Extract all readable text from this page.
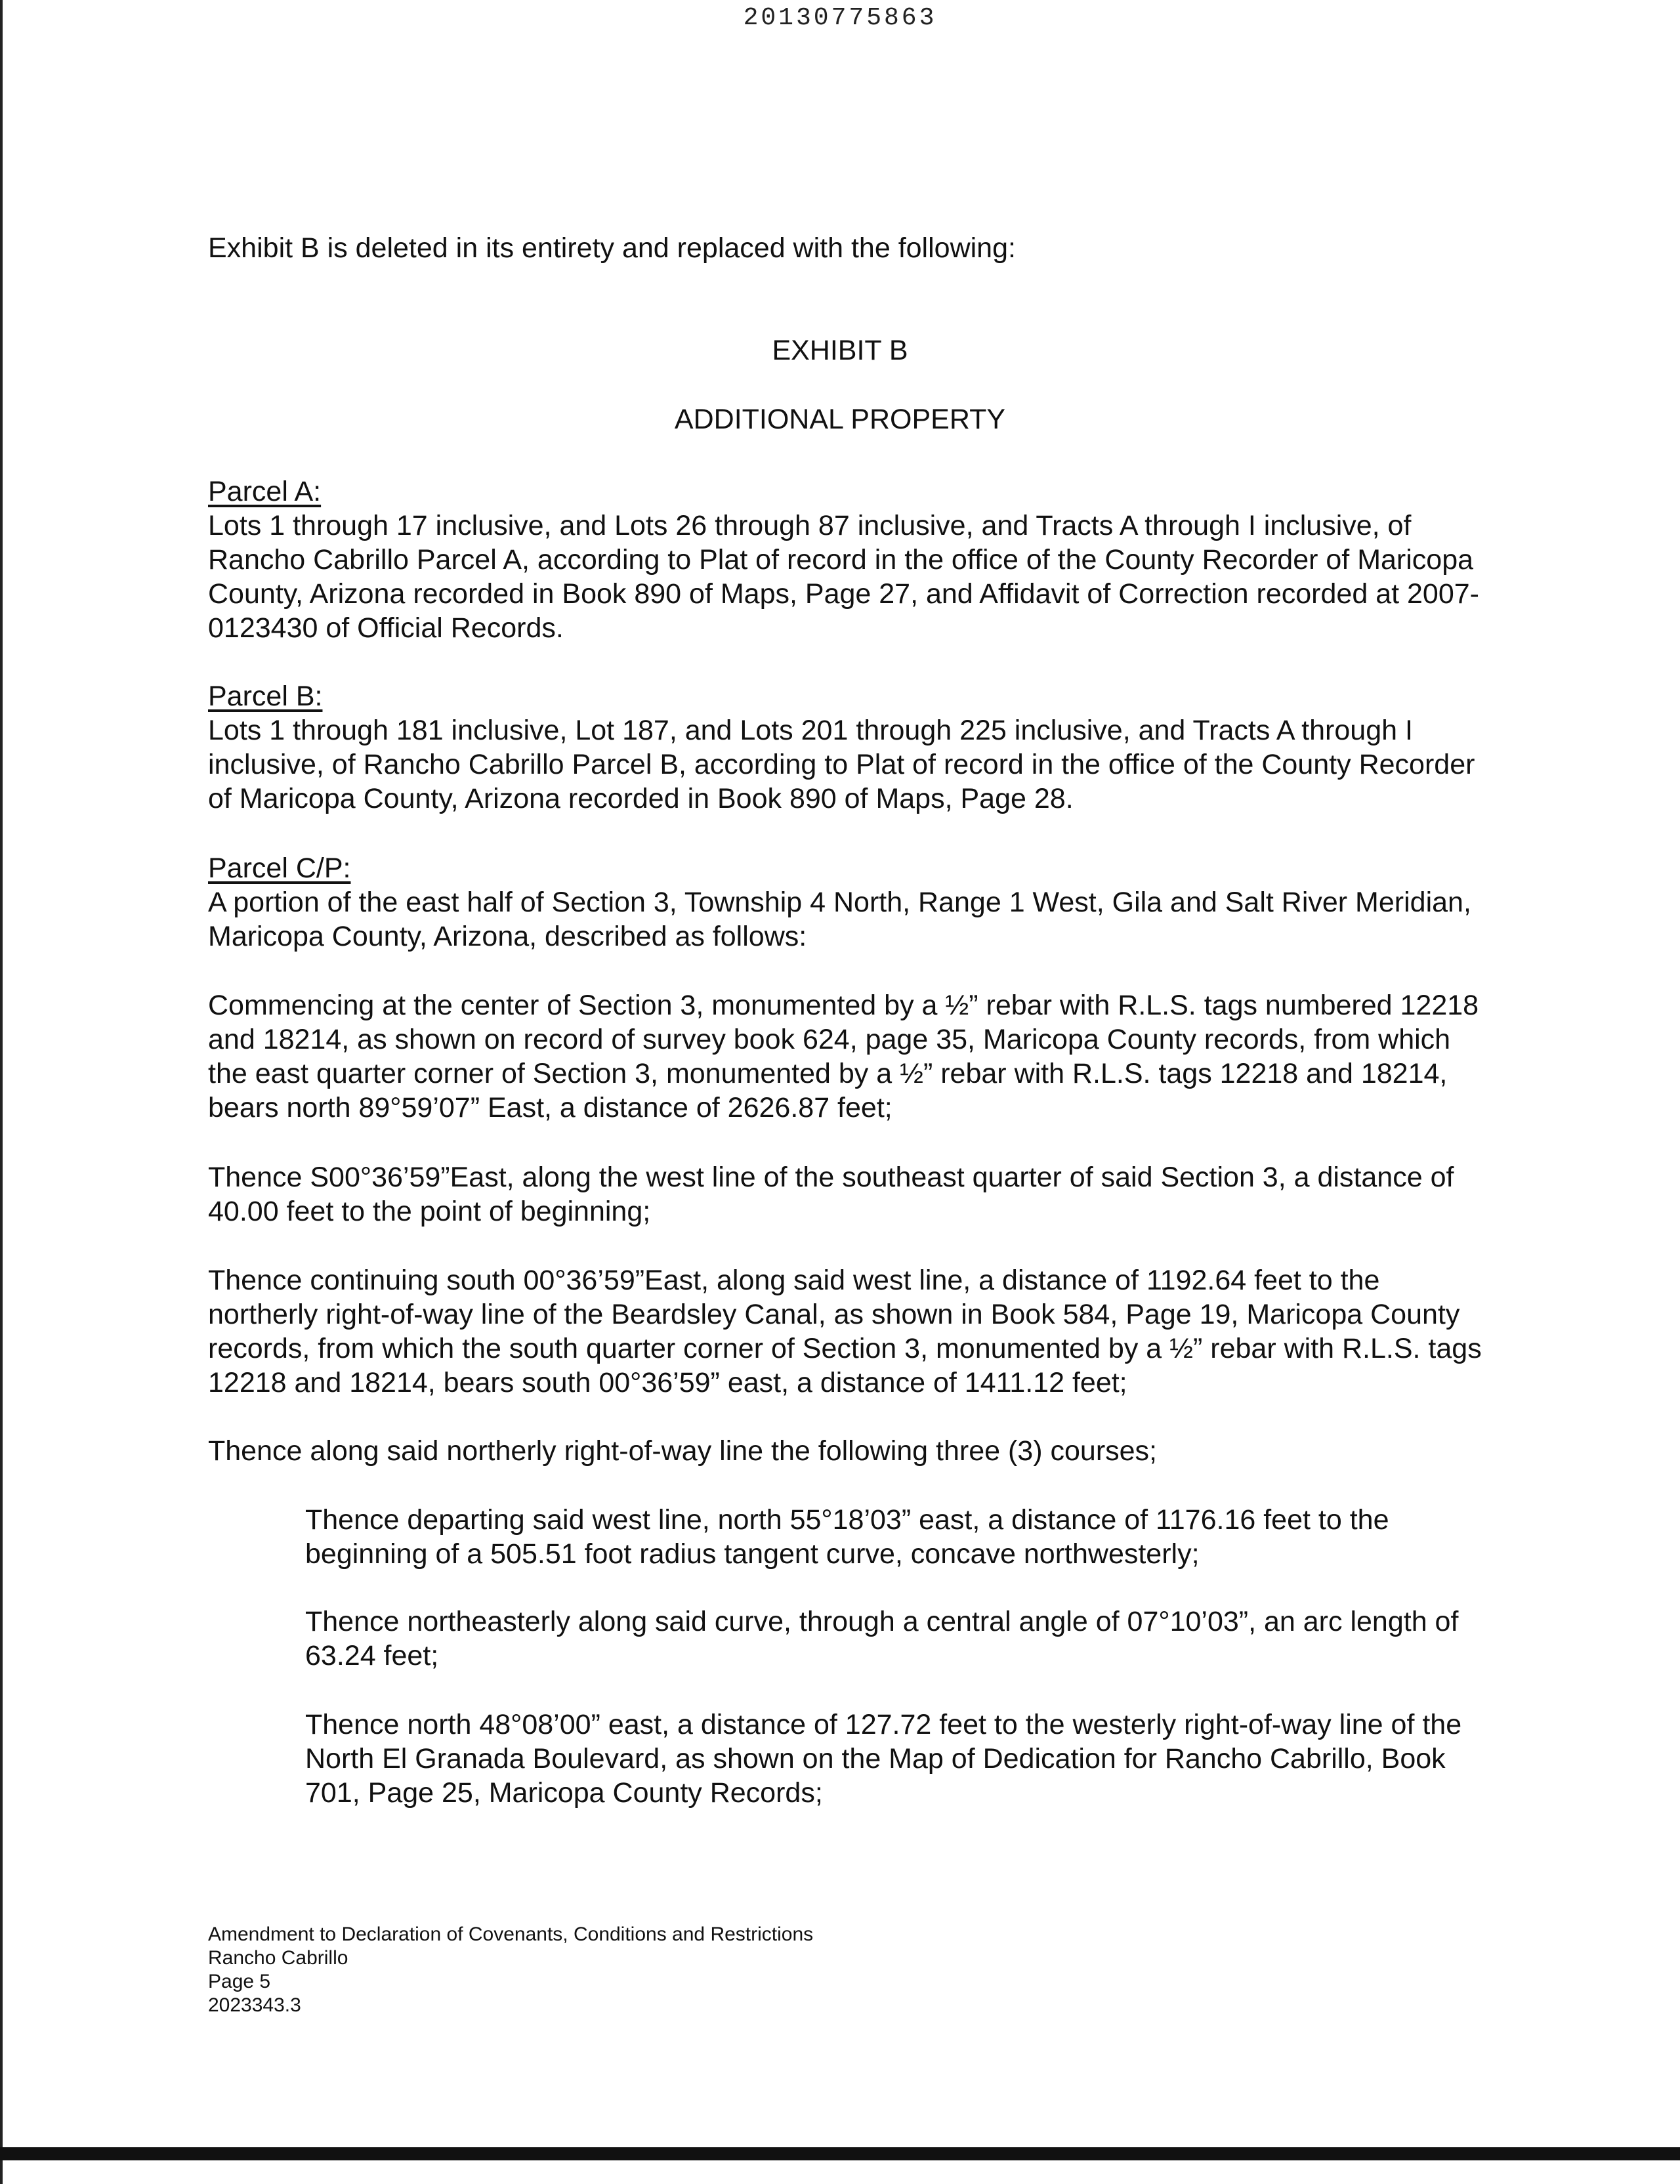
20130775863
Exhibit B is deleted in its entirety and replaced with the following:
EXHIBIT B
ADDITIONAL PROPERTY
Parcel A:
Lots 1 through 17 inclusive, and Lots 26 through 87 inclusive, and Tracts A through I inclusive, of Rancho Cabrillo Parcel A, according to Plat of record in the office of the County Recorder of Maricopa County, Arizona recorded in Book 890 of Maps, Page 27, and Affidavit of Correction recorded at 2007-0123430 of Official Records.
Parcel B:
Lots 1 through 181 inclusive, Lot 187, and Lots 201 through 225 inclusive, and Tracts A through I inclusive, of Rancho Cabrillo Parcel B, according to Plat of record in the office of the County Recorder of Maricopa County, Arizona recorded in Book 890 of Maps, Page 28.
Parcel C/P:
A portion of the east half of Section 3, Township 4 North, Range 1 West, Gila and Salt River Meridian, Maricopa County, Arizona, described as follows:
Commencing at the center of Section 3, monumented by a ½” rebar with R.L.S. tags numbered 12218 and 18214, as shown on record of survey book 624, page 35, Maricopa County records, from which the east quarter corner of Section 3, monumented by a ½” rebar with R.L.S. tags 12218 and 18214, bears north 89°59’07” East, a distance of 2626.87 feet;
Thence S00°36’59”East, along the west line of the southeast quarter of said Section 3, a distance of 40.00 feet to the point of beginning;
Thence continuing south 00°36’59”East, along said west line, a distance of 1192.64 feet to the northerly right-of-way line of the Beardsley Canal, as shown in Book 584, Page 19, Maricopa County records, from which the south quarter corner of Section 3, monumented by a ½” rebar with R.L.S. tags 12218 and 18214, bears south 00°36’59” east, a distance of 1411.12 feet;
Thence along said northerly right-of-way line the following three (3) courses;
Thence departing said west line, north 55°18’03” east, a distance of 1176.16 feet to the beginning of a 505.51 foot radius tangent curve, concave northwesterly;
Thence northeasterly along said curve, through a central angle of 07°10’03”, an arc length of 63.24 feet;
Thence north 48°08’00” east, a distance of 127.72 feet to the westerly right-of-way line of the North El Granada Boulevard, as shown on the Map of Dedication for Rancho Cabrillo, Book 701, Page 25, Maricopa County Records;
Amendment to Declaration of Covenants, Conditions and Restrictions
Rancho Cabrillo
Page 5
2023343.3
